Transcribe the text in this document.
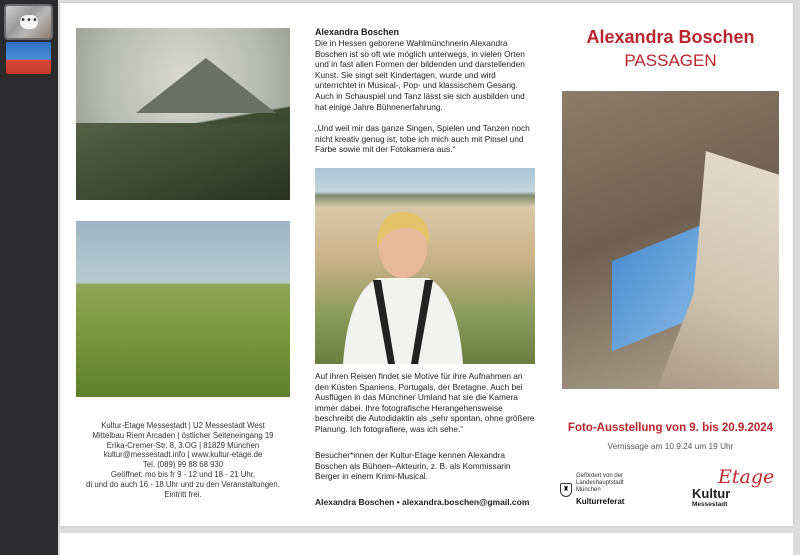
•••
Kultur-Etage Messestadt | U2 Messestadt West
Mittelbau Riem Arcaden | östlicher Seiteneingang 19
Erika-Cremer-Str. 8, 3.OG | 81829 München
kultur@messestadt.info | www.kultur-etage.de
Tel. (089) 99 88 68 930
Geöffnet: mo bis fr 9 - 12 und 18 - 21 Uhr,
di und do auch 16 - 18 Uhr und zu den Veranstaltungen.
Eintritt frei.
Alexandra Boschen
Die in Hessen geborene Wahlmünchnerin Alexandra Boschen ist so oft wie möglich unterwegs, in vielen Orten und in fast allen Formen der bildenden und darstellenden Kunst. Sie singt seit Kindertagen, wurde und wird unterrichtet in Musical-, Pop- und klassischem Gesang. Auch in Schauspiel und Tanz lässt sie sich ausbilden und hat einige Jahre Bühnenerfahrung.
„Und weil mir das ganze Singen, Spielen und Tanzen noch nicht kreativ genug ist, tobe ich mich auch mit Pinsel und Farbe sowie mit der Fotokamera aus.“
Auf ihren Reisen findet sie Motive für ihre Aufnahmen an den Küsten Spaniens, Portugals, der Bretagne. Auch bei Ausflügen in das Münchner Umland hat sie die Kamera immer dabei. Ihre fotografische Herangehensweise beschreibt die Autodidaktin als „sehr spontan, ohne größere Planung. Ich fotografiere, was ich sehe.“
Besucher*innen der Kultur-Etage kennen Alexandra Boschen als Bühnen–Akteurin, z. B. als Kommissarin Berger in einem Krimi-Musical.
Alexandra Boschen • alexandra.boschen@gmail.com
Alexandra Boschen
PASSAGEN
Foto-Ausstellung von 9. bis 20.9.2024
Vernissage am 10.9.24 um 19 Uhr
♜
Gefördert von der
Landeshauptstadt
München
Kulturreferat
Etage
Kultur
Messestadt
